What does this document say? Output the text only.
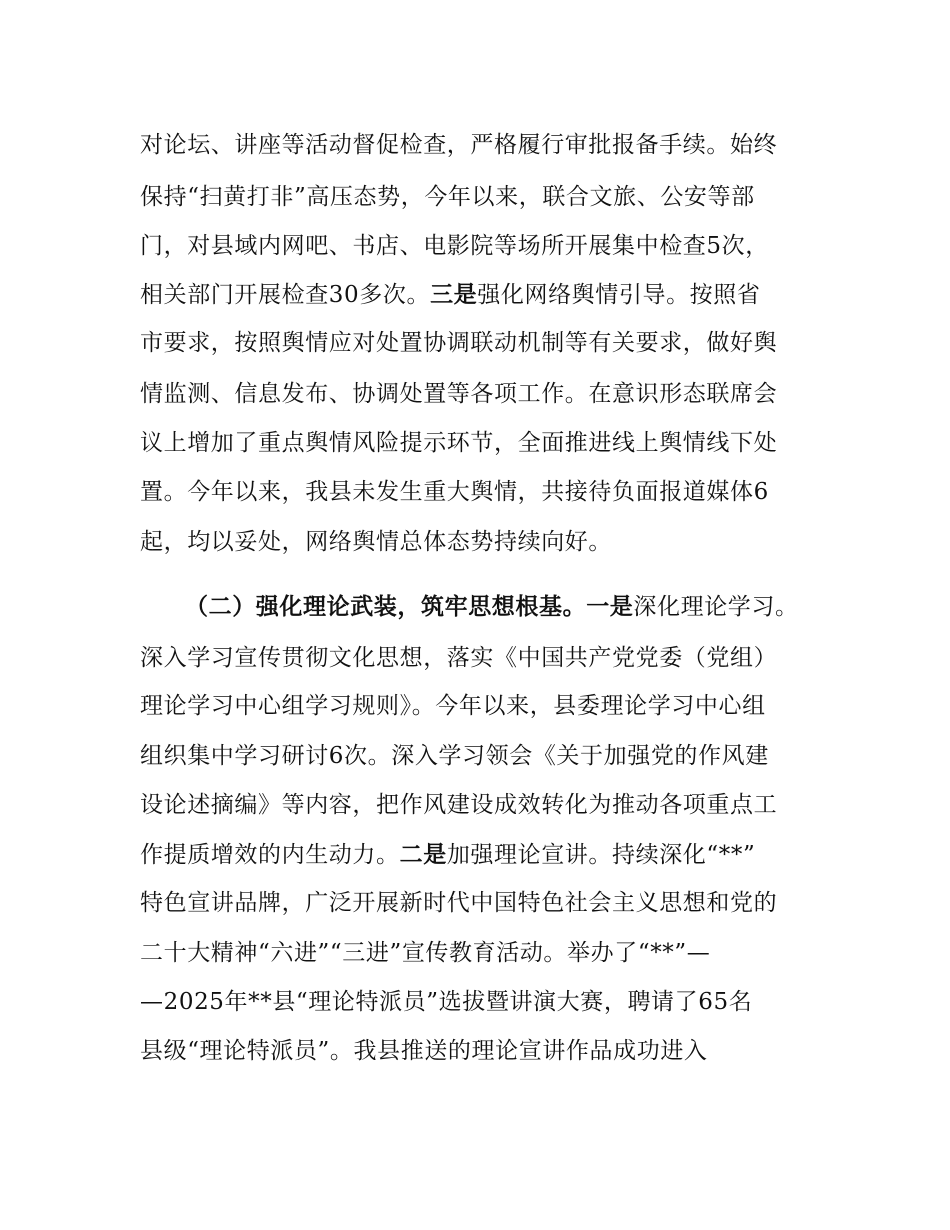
对论坛、讲座等活动督促检查，严格履行审批报备手续。始终
保持“扫黄打非”高压态势，今年以来，联合文旅、公安等部
门，对县域内网吧、书店、电影院等场所开展集中检查5次，
相关部门开展检查30多次。三是强化网络舆情引导。按照省
市要求，按照舆情应对处置协调联动机制等有关要求，做好舆
情监测、信息发布、协调处置等各项工作。在意识形态联席会
议上增加了重点舆情风险提示环节，全面推进线上舆情线下处
置。今年以来，我县未发生重大舆情，共接待负面报道媒体6
起，均以妥处，网络舆情总体态势持续向好。
（二）强化理论武装，筑牢思想根基。一是深化理论学习。
深入学习宣传贯彻文化思想，落实《中国共产党党委（党组）
理论学习中心组学习规则》。今年以来，县委理论学习中心组
组织集中学习研讨6次。深入学习领会《关于加强党的作风建
设论述摘编》等内容，把作风建设成效转化为推动各项重点工
作提质增效的内生动力。二是加强理论宣讲。持续深化“**”
特色宣讲品牌，广泛开展新时代中国特色社会主义思想和党的
二十大精神“六进”“三进”宣传教育活动。举办了“**”—
—2025年**县“理论特派员”选拔暨讲演大赛，聘请了65名
县级“理论特派员”。我县推送的理论宣讲作品成功进入
